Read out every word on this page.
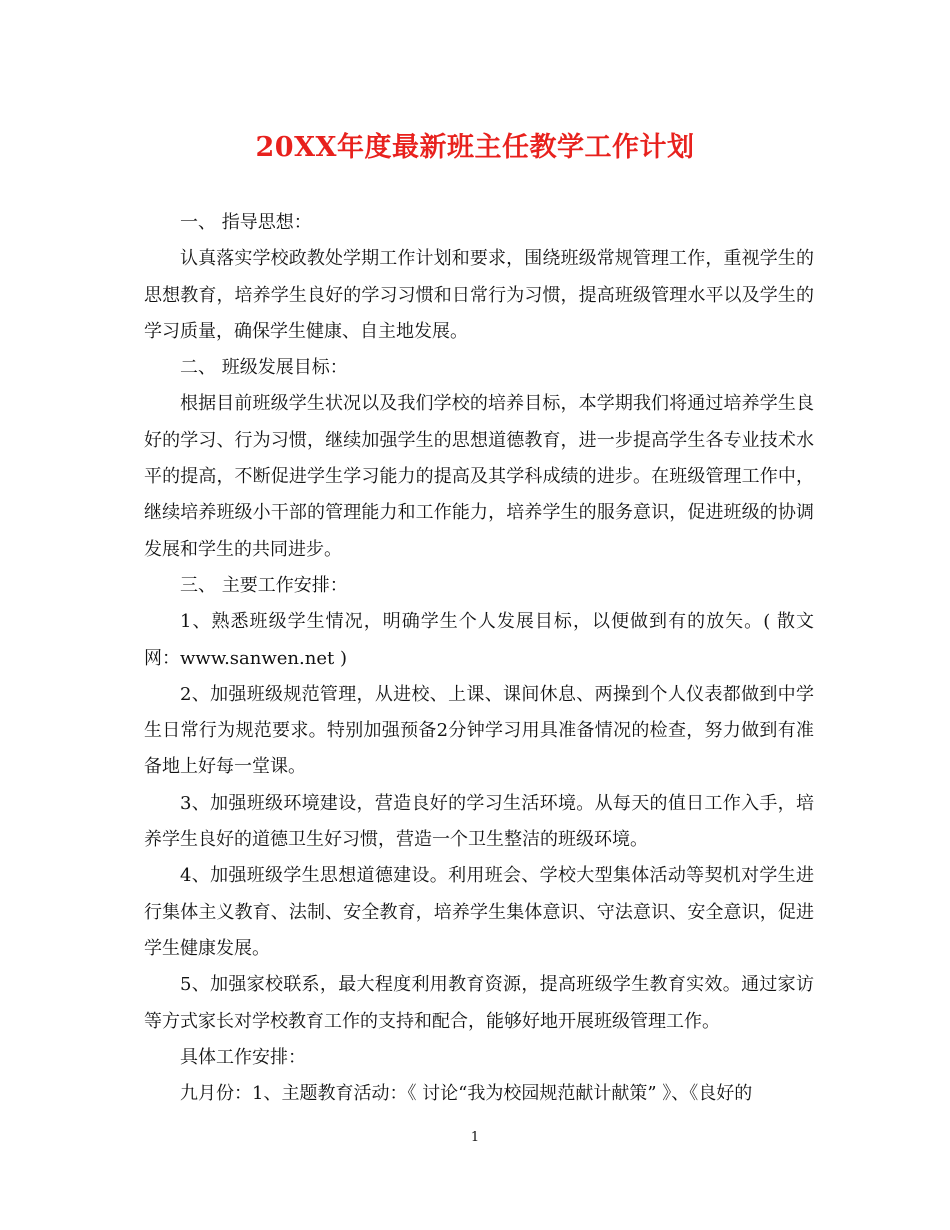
20XX年度最新班主任教学工作计划

一、 指导思想：

认真落实学校政教处学期工作计划和要求，围绕班级常规管理工作，重视学生的思想教育，培养学生良好的学习习惯和日常行为习惯，提高班级管理水平以及学生的学习质量，确保学生健康、自主地发展。

二、 班级发展目标：

根据目前班级学生状况以及我们学校的培养目标，本学期我们将通过培养学生良好的学习、行为习惯，继续加强学生的思想道德教育，进一步提高学生各专业技术水平的提高，不断促进学生学习能力的提高及其学科成绩的进步。在班级管理工作中，继续培养班级小干部的管理能力和工作能力，培养学生的服务意识，促进班级的协调发展和学生的共同进步。

三、 主要工作安排：

1、熟悉班级学生情况，明确学生个人发展目标，以便做到有的放矢。( 散文网：www.sanwen.net )

2、加强班级规范管理，从进校、上课、课间休息、两操到个人仪表都做到中学生日常行为规范要求。特别加强预备2分钟学习用具准备情况的检查，努力做到有准备地上好每一堂课。

3、加强班级环境建设，营造良好的学习生活环境。从每天的值日工作入手，培养学生良好的道德卫生好习惯，营造一个卫生整洁的班级环境。

4、加强班级学生思想道德建设。利用班会、学校大型集体活动等契机对学生进行集体主义教育、法制、安全教育，培养学生集体意识、守法意识、安全意识，促进学生健康发展。

5、加强家校联系，最大程度利用教育资源，提高班级学生教育实效。通过家访等方式家长对学校教育工作的支持和配合，能够好地开展班级管理工作。

具体工作安排：

九月份：1、主题教育活动：《 讨论“我为校园规范献计献策” 》、《良好的

1
